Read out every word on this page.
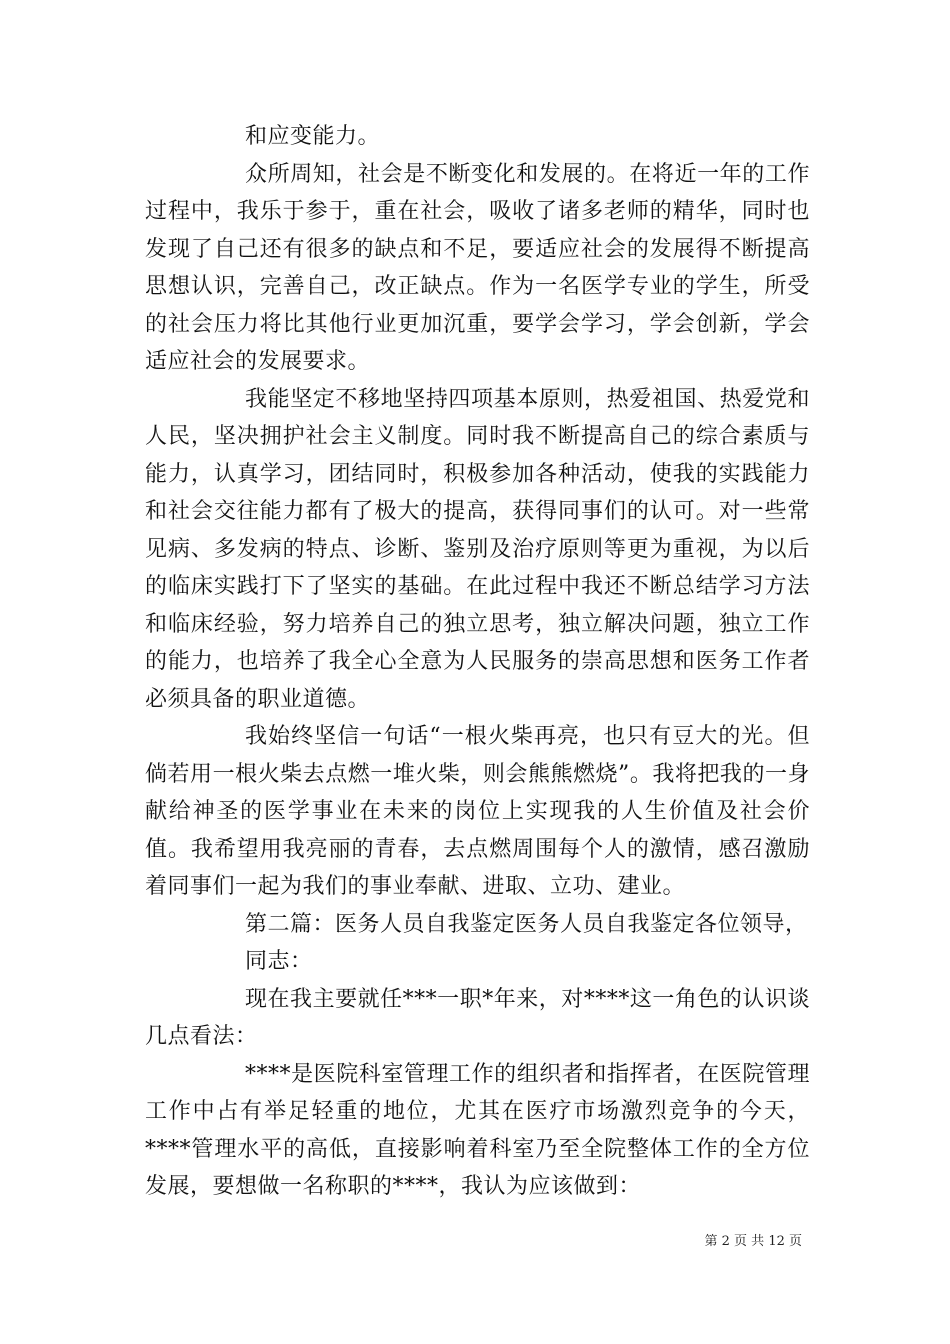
和应变能力。

众所周知，社会是不断变化和发展的。在将近一年的工作过程中，我乐于参于，重在社会，吸收了诸多老师的精华，同时也发现了自己还有很多的缺点和不足，要适应社会的发展得不断提高思想认识，完善自己，改正缺点。作为一名医学专业的学生，所受的社会压力将比其他行业更加沉重，要学会学习，学会创新，学会适应社会的发展要求。

我能坚定不移地坚持四项基本原则，热爱祖国、热爱党和人民，坚决拥护社会主义制度。同时我不断提高自己的综合素质与能力，认真学习，团结同时，积极参加各种活动，使我的实践能力和社会交往能力都有了极大的提高，获得同事们的认可。对一些常见病、多发病的特点、诊断、鉴别及治疗原则等更为重视，为以后的临床实践打下了坚实的基础。在此过程中我还不断总结学习方法和临床经验，努力培养自己的独立思考，独立解决问题，独立工作的能力，也培养了我全心全意为人民服务的崇高思想和医务工作者必须具备的职业道德。

我始终坚信一句话“一根火柴再亮，也只有豆大的光。但倘若用一根火柴去点燃一堆火柴，则会熊熊燃烧”。我将把我的一身献给神圣的医学事业在未来的岗位上实现我的人生价值及社会价值。我希望用我亮丽的青春，去点燃周围每个人的激情，感召激励着同事们一起为我们的事业奉献、进取、立功、建业。

第二篇：医务人员自我鉴定医务人员自我鉴定各位领导，

同志：

现在我主要就任***一职*年来，对****这一角色的认识谈几点看法：

****是医院科室管理工作的组织者和指挥者，在医院管理工作中占有举足轻重的地位，尤其在医疗市场激烈竞争的今天，****管理水平的高低，直接影响着科室乃至全院整体工作的全方位发展，要想做一名称职的****，我认为应该做到：

第 2 页 共 12 页
